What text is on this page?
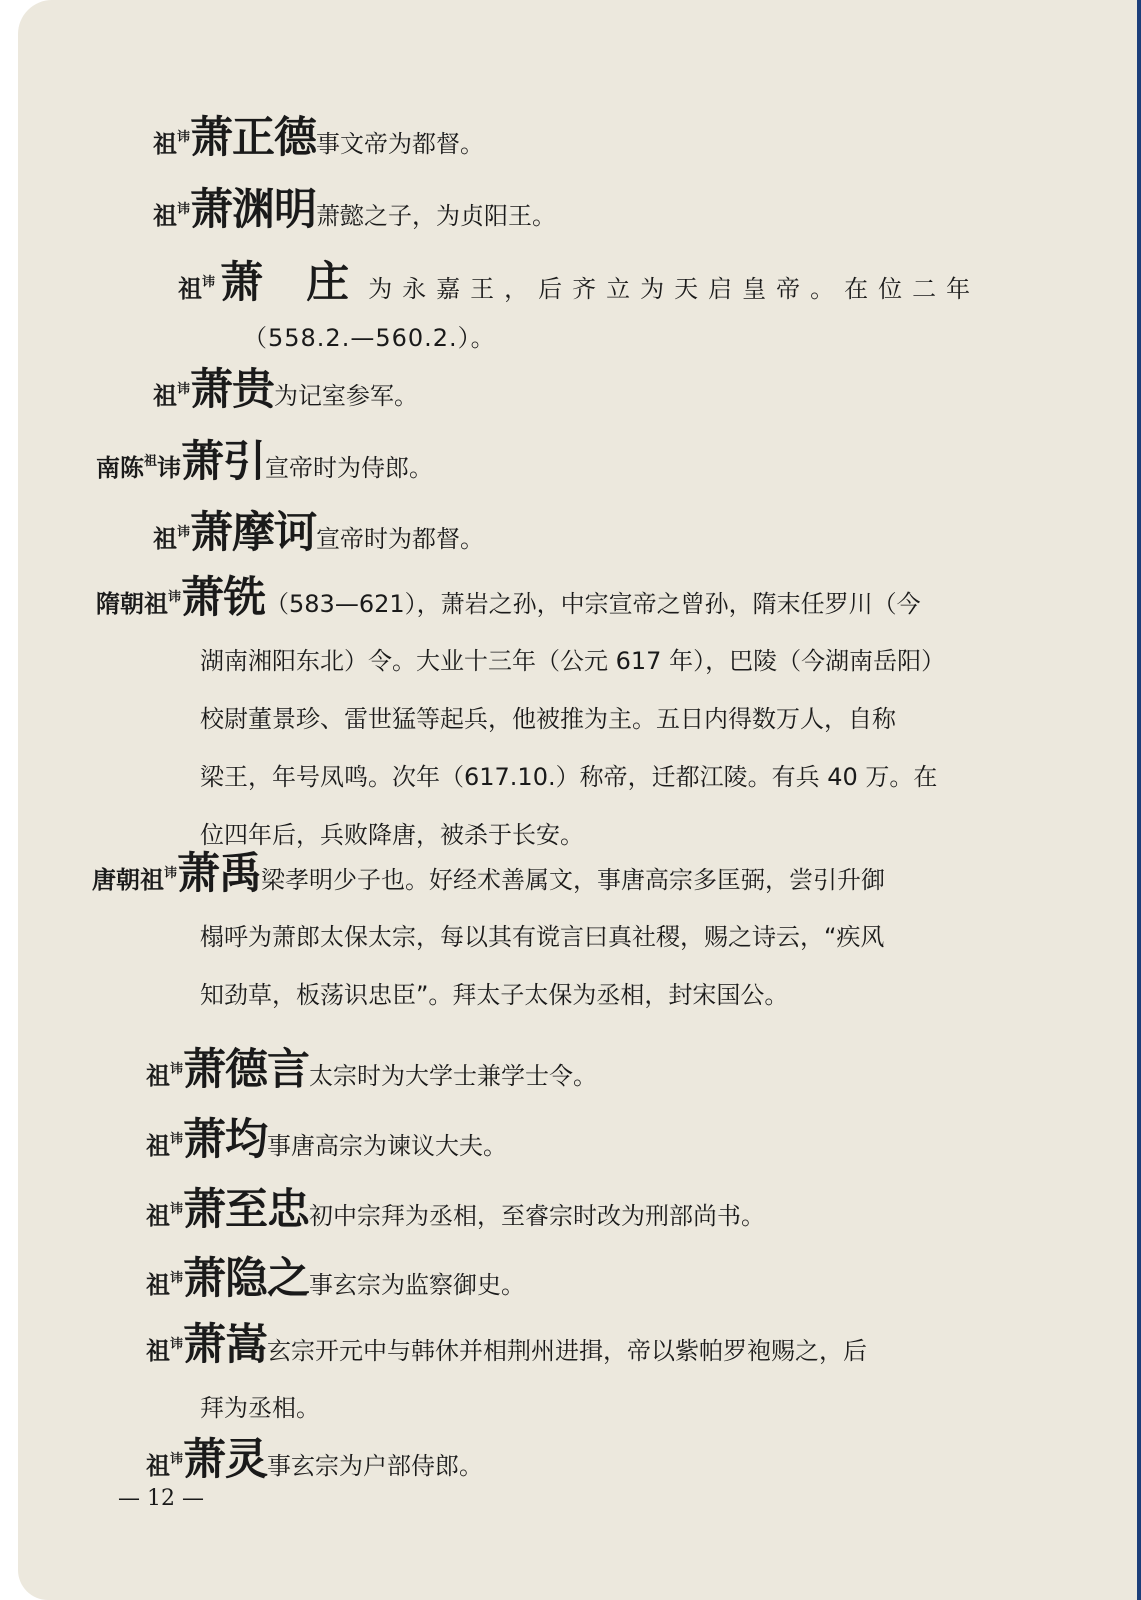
祖$^讳$萧正德事文帝为都督。
祖$^讳$萧渊明萧懿之子，为贞阳王。
祖$^讳$ 萧 庄 为永嘉王，后齐立为天启皇帝。在位二年
（558.2.—560.2.）。
祖$^讳$萧贵为记室参军。
南陈$^祖$讳萧引宣帝时为侍郎。
祖$^讳$萧摩诃宣帝时为都督。
隋朝祖$^讳$萧铣（583—621），萧岩之孙，中宗宣帝之曾孙，隋末任罗川（今
湖南湘阳东北）令。大业十三年（公元 617 年），巴陵（今湖南岳阳）
校尉董景珍、雷世猛等起兵，他被推为主。五日内得数万人，自称
梁王，年号凤鸣。次年（617.10.）称帝，迁都江陵。有兵 40 万。在
位四年后，兵败降唐，被杀于长安。
唐朝祖$^讳$萧禹梁孝明少子也。好经术善属文，事唐高宗多匡弼，尝引升御
榻呼为萧郎太保太宗，每以其有谠言曰真社稷，赐之诗云，“疾风
知劲草，板荡识忠臣”。拜太子太保为丞相，封宋国公。
祖$^讳$萧德言太宗时为大学士兼学士令。
祖$^讳$萧均事唐高宗为谏议大夫。
祖$^讳$萧至忠初中宗拜为丞相，至睿宗时改为刑部尚书。
祖$^讳$萧隐之事玄宗为监察御史。
祖$^讳$萧嵩玄宗开元中与韩休并相荆州进揖，帝以紫帕罗袍赐之，后
拜为丞相。
祖$^讳$萧灵事玄宗为户部侍郎。
— 12 —
